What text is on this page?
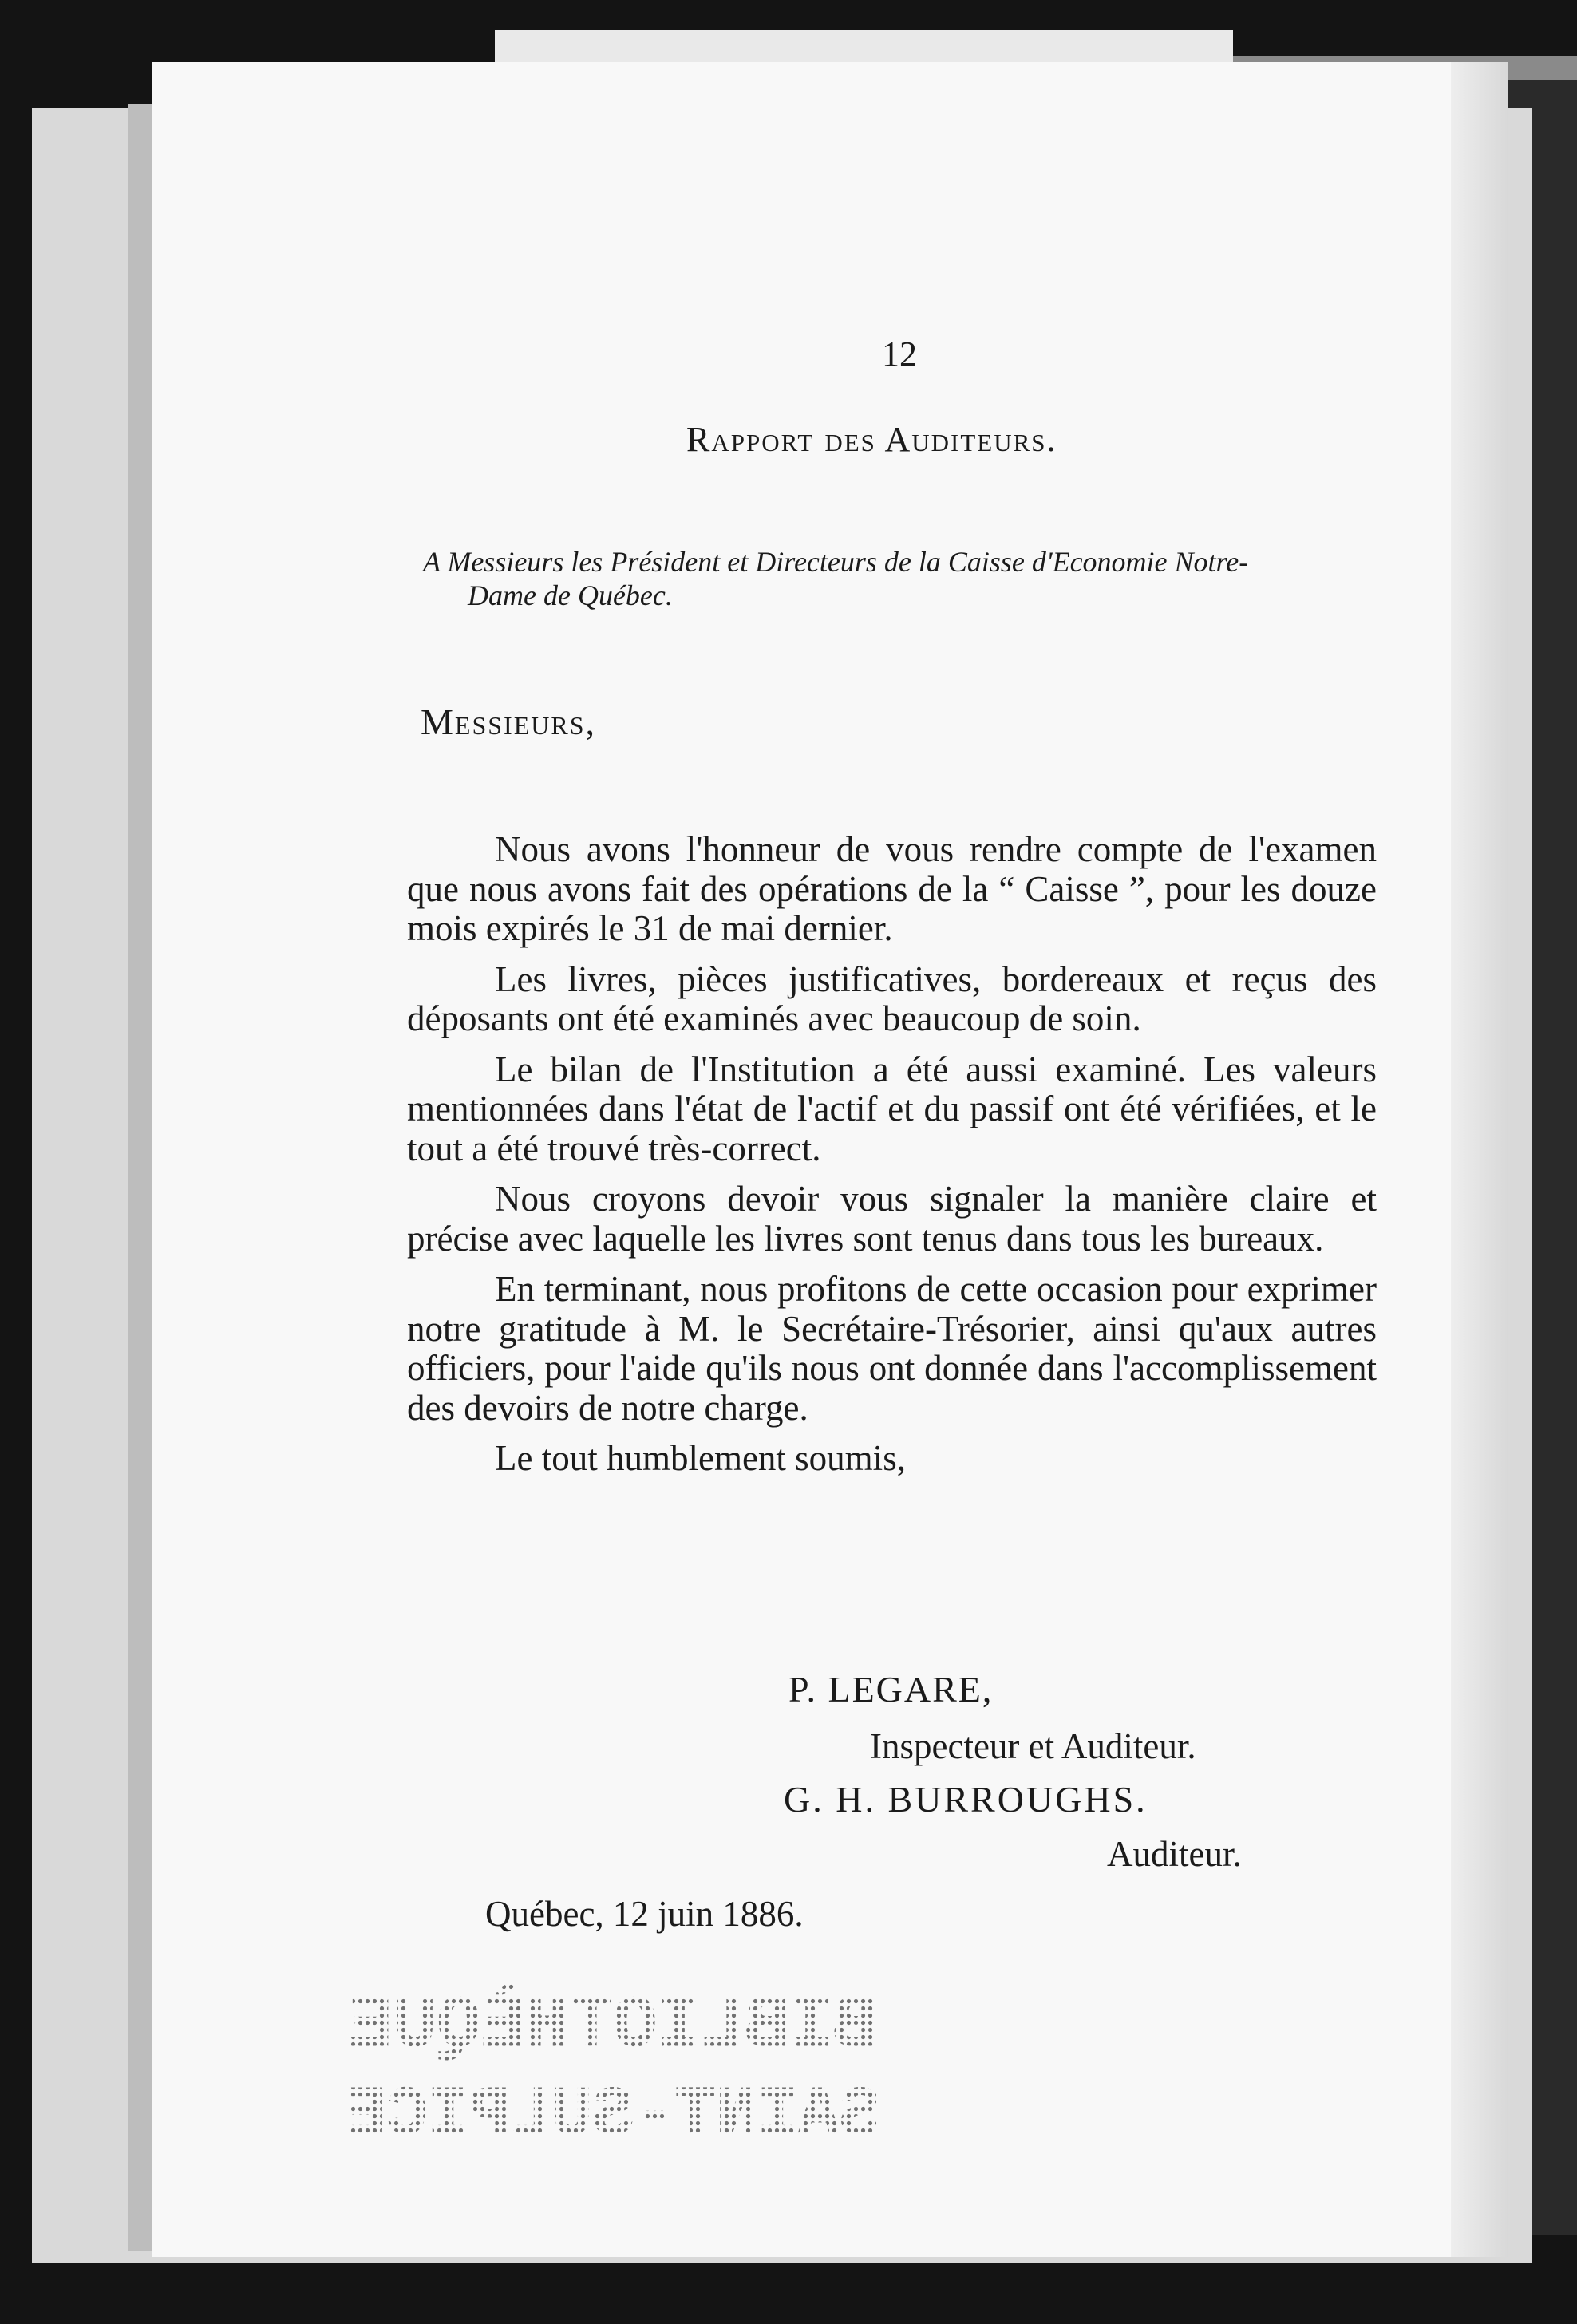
12
Rapport des Auditeurs.
A Messieurs les Président et Directeurs de la Caisse d'Economie Notre-
Dame de Québec.
Messieurs,

Nous avons l'honneur de vous rendre compte de l'examen que nous avons fait des opérations de la “ Caisse ”, pour les douze mois expirés le 31 de mai dernier.

Les livres, pièces justificatives, bordereaux et reçus des déposants ont été examinés avec beaucoup de soin.

Le bilan de l'Institution a été aussi examiné. Les valeurs mentionnées dans l'état de l'actif et du passif ont été vérifiées, et le tout a été trouvé très-correct.

Nous croyons devoir vous signaler la manière claire et précise avec laquelle les livres sont tenus dans tous les bureaux.

En terminant, nous profitons de cette occasion pour exprimer notre gratitude à M. le Secrétaire-Trésorier, ainsi qu'aux autres officiers, pour l'aide qu'ils nous ont donnée dans l'accomplissement des devoirs de notre charge.

Le tout humblement soumis,

P. LEGARE,
Inspecteur et Auditeur.
G. H. BURROUGHS.
Auditeur.
Québec, 12 juin 1886.
